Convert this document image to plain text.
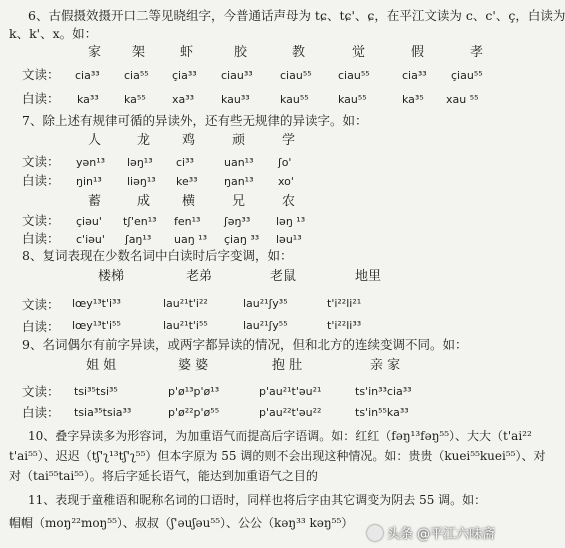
6、古假摄效摄开口二等见晓组字，今普通话声母为 tɕ、tɕ'、ɕ，在平江文读为 c、c'、ç，白读为
k、k'、x。如：
家 架	虾	胶	教	觉	假	孝
文读： cia³³ cia⁵⁵ çia³³ ciau³³ ciau⁵⁵ ciau⁵⁵	cia³³ çiau⁵⁵
白读： ka³³ ka⁵⁵ xa³³ kau³³	kau⁵⁵	kau⁵⁵	ka³⁵ xau ⁵⁵
7、除上述有规律可循的异读外，还有些无规律的异读字。如：
人	龙 鸡	顽	学
文读： yən¹³ ləŋ¹³ ci³³	uan¹³ ʃo'
白读： ŋin¹³ liəŋ¹³ ke³³ ŋan¹³ xo'
蓄	成 横	兄	农
文读： çiəu' tʃ'en¹³ fen¹³ ʃəŋ³³ ləŋ ¹³
白读： c'iəu' ʃaŋ¹³ uaŋ ¹³ çiaŋ ³³ ləu¹³
8、复词表现在少数名词中白读时后字变调，如：
楼梯	老弟	老鼠	地里
文读： lœy¹³t'i³³	lau²¹t'i²²	lau²¹ʃy³⁵	t'i²²li²¹
白读： lœy¹³t'i⁵⁵	lau²¹t'i⁵⁵	lau²¹ʃy⁵⁵	t'i²²li³³
9、名词偶尔有前字异读，或两字都异读的情况，但和北方的连续变调不同。如：
姐 姐	婆 婆	抱 肚	亲 家
文读： tsi³⁵tsi³⁵	p'ø¹³p'ø¹³	p'au²¹t'əu²¹	ts'in³³cia³³
白读： tsia³⁵tsia³³	p'ø²²p'ø⁵⁵	p'au²²t'əu²²	ts'in⁵⁵ka³³
10、叠字异读多为形容词，为加重语气而提高后字语调。如：红红（fəŋ¹³fəŋ⁵⁵）、大大（t'ai²²
t'ai⁵⁵）、迟迟（tʃ'ʅ¹³tʃ'ʅ⁵⁵）但本字原为 55 调的则不会出现这种情况。如：贵贵（kuei⁵⁵kuei⁵⁵）、对
对（tai⁵⁵tai⁵⁵）。将后字延长语气，能达到加重语气之目的
11、表现于童稚语和昵称名词的口语时，同样也将后字由其它调变为阴去 55 调。如：
帽帽（moŋ²²moŋ⁵⁵）、叔叔（ʃ'əuʃəu⁵⁵）、公公（kəŋ³³ kəŋ⁵⁵）
头条 @平江六味斋
